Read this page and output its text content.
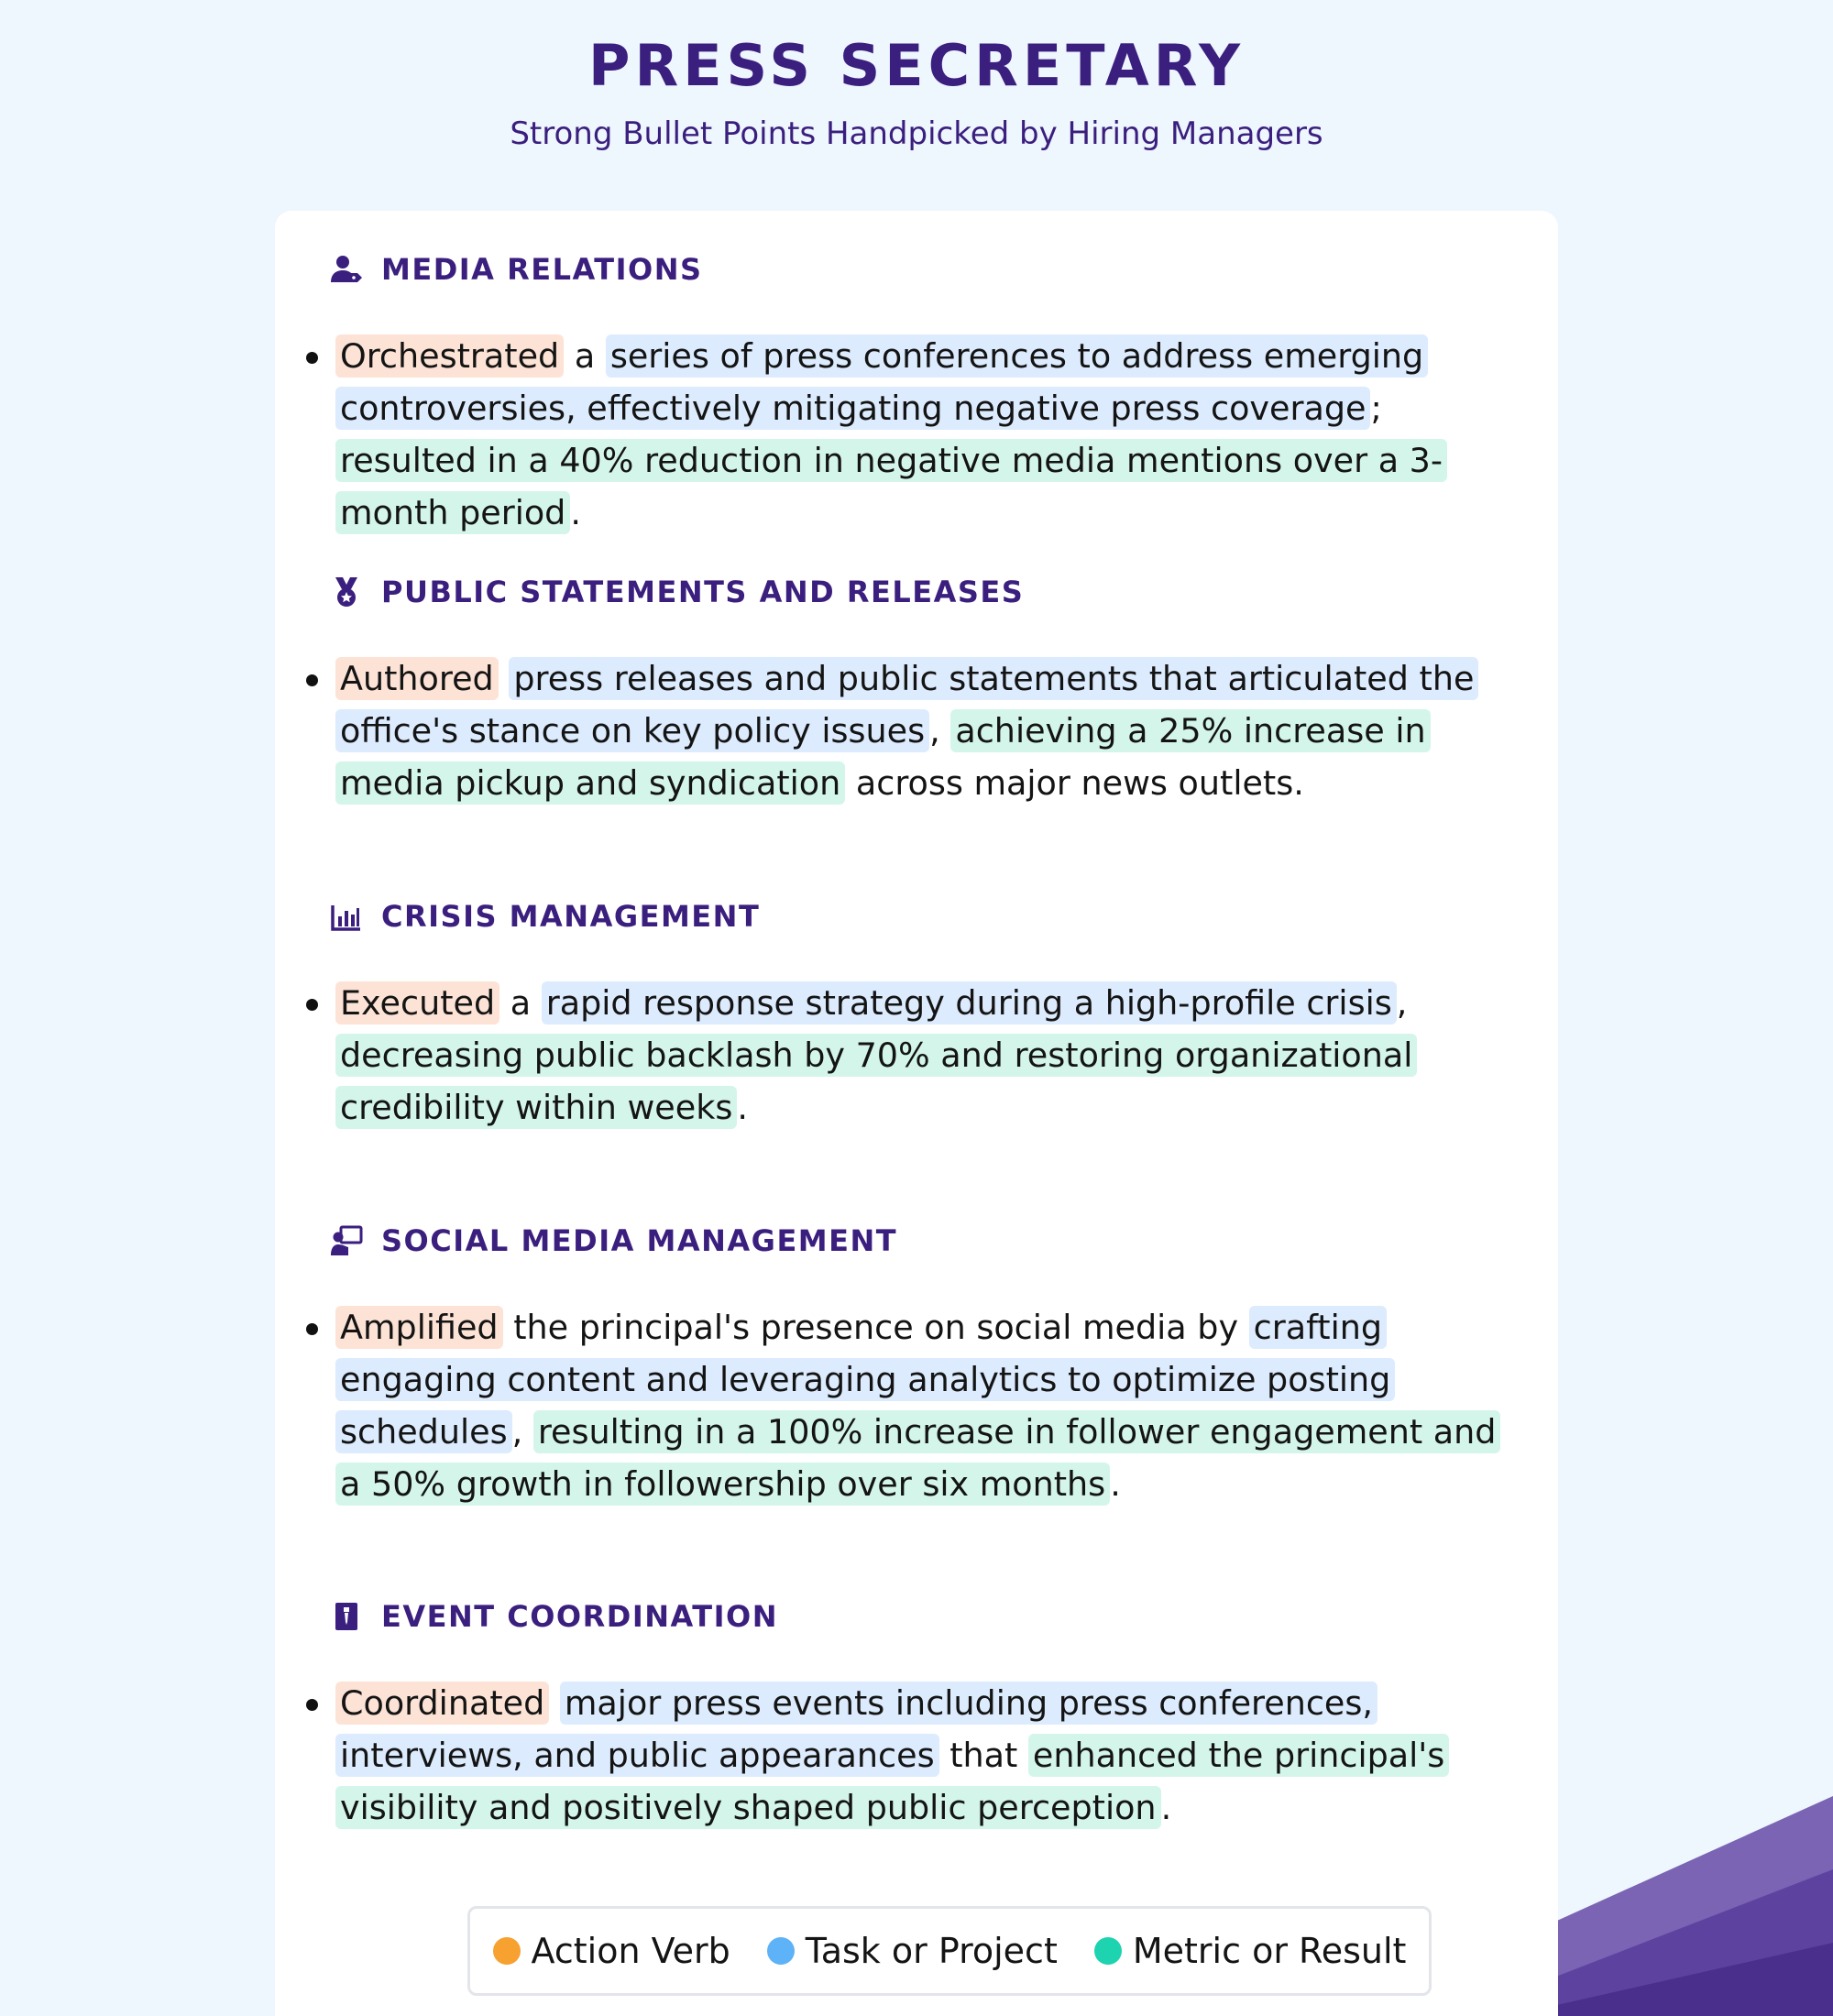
PRESS SECRETARY
Strong Bullet Points Handpicked by Hiring Managers
MEDIA RELATIONS

Orchestrated a series of press conferences to address emerging controversies, effectively mitigating negative press coverage ; resulted in a 40% reduction in negative media mentions over a 3-month period .

PUBLIC STATEMENTS AND RELEASES

Authored press releases and public statements that articulated the office's stance on key policy issues , achieving a 25% increase in media pickup and syndication across major news outlets.

CRISIS MANAGEMENT

Executed a rapid response strategy during a high-profile crisis , decreasing public backlash by 70% and restoring organizational credibility within weeks .

SOCIAL MEDIA MANAGEMENT

Amplified the principal's presence on social media by crafting engaging content and leveraging analytics to optimize posting schedules , resulting in a 100% increase in follower engagement and a 50% growth in followership over six months .

EVENT COORDINATION

Coordinated major press events including press conferences, interviews, and public appearances that enhanced the principal's visibility and positively shaped public perception .

Action Verb Task or Project Metric or Result
